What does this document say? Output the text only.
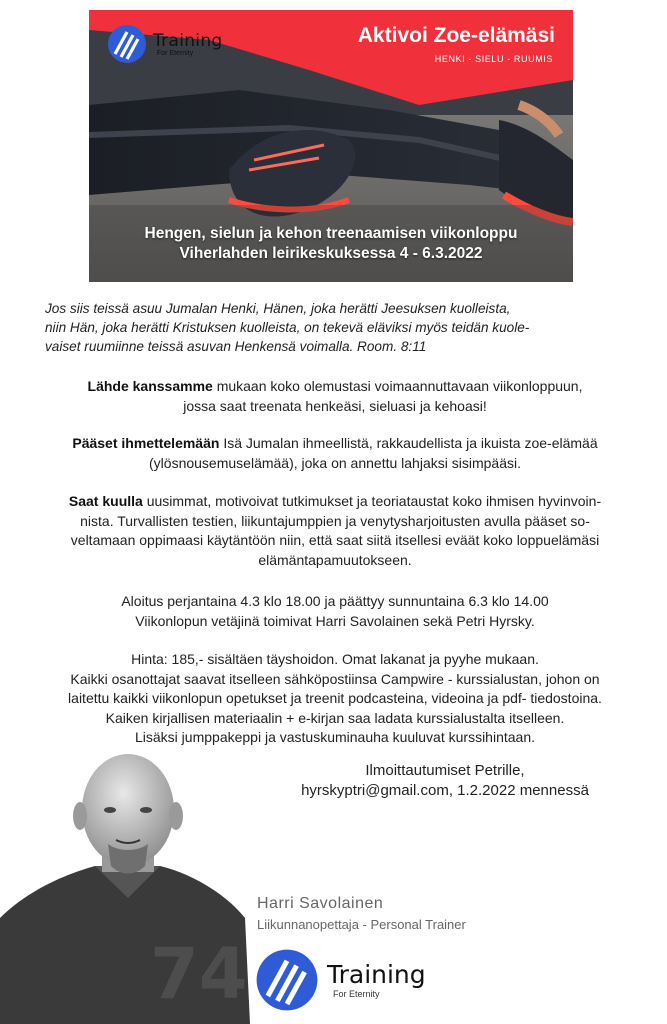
Training
For Eternity
Aktivoi Zoe-elämäsi
HENKI - SIELU - RUUMIS
Hengen, sielun ja kehon treenaamisen viikonloppu
Viherlahden leirikeskuksessa 4 - 6.3.2022
Jos siis teissä asuu Jumalan Henki, Hänen, joka herätti Jeesuksen kuolleista,
niin Hän, joka herätti Kristuksen kuolleista, on tekevä eläviksi myös teidän kuole-
vaiset ruumiinne teissä asuvan Henkensä voimalla. Room. 8:11
Lähde kanssamme mukaan koko olemustasi voimaannuttavaan viikonloppuun,
jossa saat treenata henkeäsi, sieluasi ja kehoasi!
Pääset ihmettelemään Isä Jumalan ihmeellistä, rakkaudellista ja ikuista zoe-elämää
(ylösnousemuselämää), joka on annettu lahjaksi sisimpääsi.
Saat kuulla uusimmat, motivoivat tutkimukset ja teoriataustat koko ihmisen hyvinvoin-
nista. Turvallisten testien, liikuntajumppien ja venytysharjoitusten avulla pääset so-
veltamaan oppimaasi käytäntöön niin, että saat siitä itsellesi eväät koko loppuelämäsi
elämäntapamuutokseen.
Aloitus perjantaina 4.3 klo 18.00 ja päättyy sunnuntaina 6.3 klo 14.00
Viikonlopun vetäjinä toimivat Harri Savolainen sekä Petri Hyrsky.
Hinta: 185,- sisältäen täyshoidon. Omat lakanat ja pyyhe mukaan.
Kaikki osanottajat saavat itselleen sähköpostiinsa Campwire - kurssialustan, johon on
laitettu kaikki viikonlopun opetukset ja treenit podcasteina, videoina ja pdf- tiedostoina.
Kaiken kirjallisen materiaalin + e-kirjan saa ladata kurssialustalta itselleen.
Lisäksi jumppakeppi ja vastuskuminauha kuuluvat kurssihintaan.
Ilmoittautumiset Petrille,
hyrskyptri@gmail.com, 1.2.2022 mennessä
74
Harri Savolainen
Liikunnanopettaja - Personal Trainer
Training
For Eternity
